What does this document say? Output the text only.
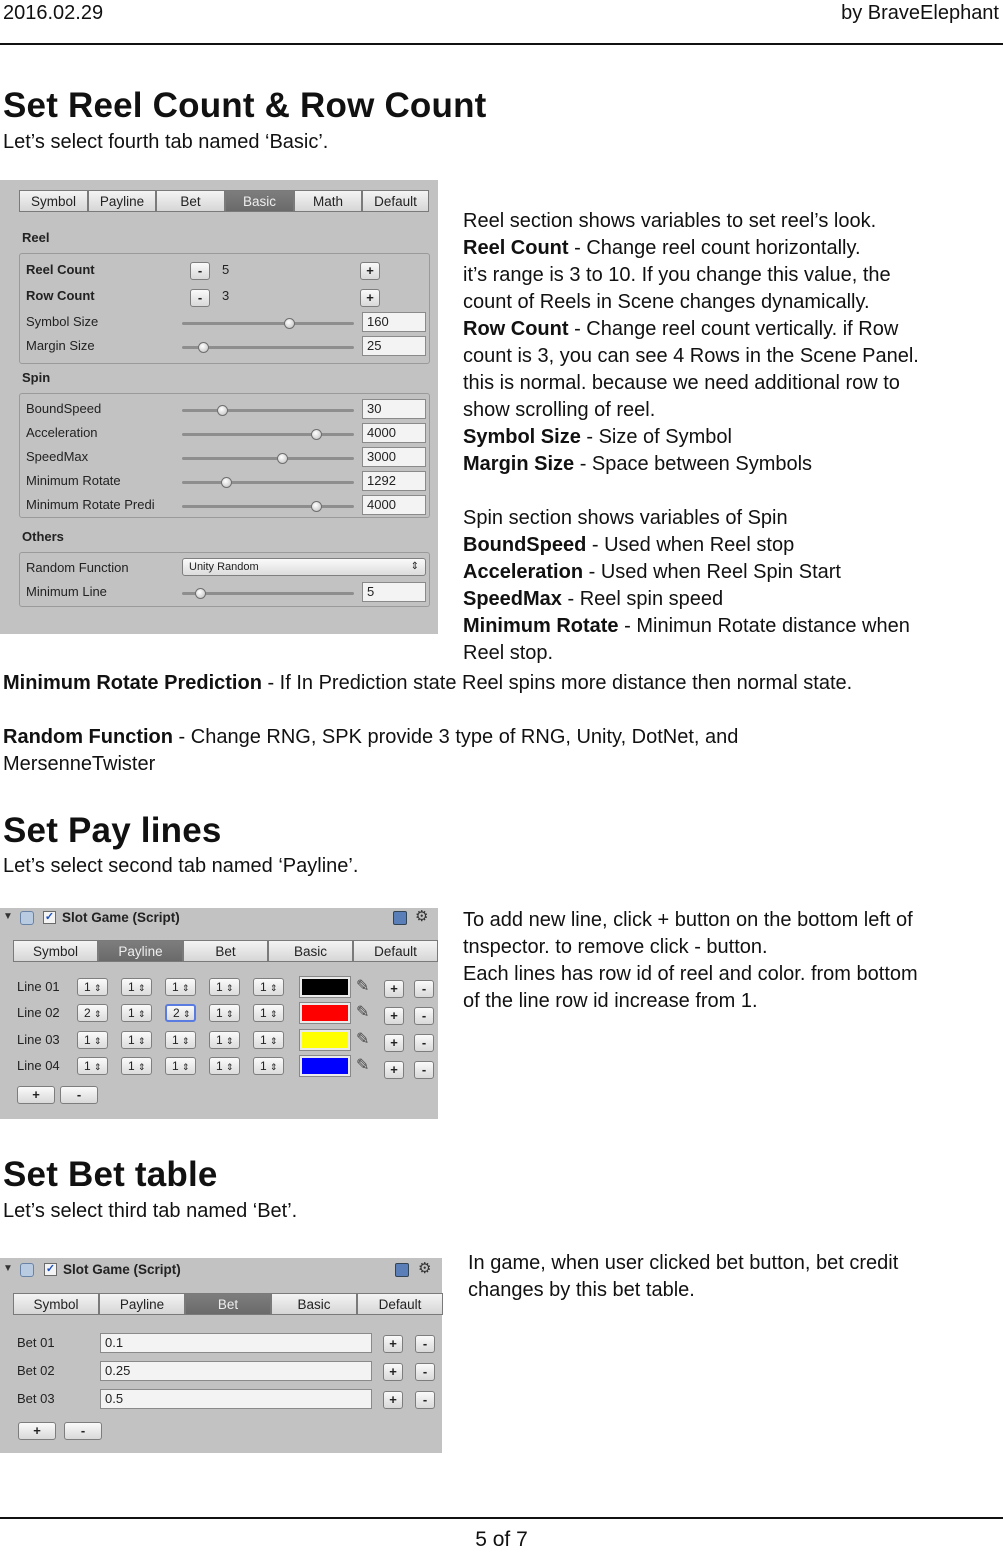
2016.02.29	by BraveElephant
Set Reel Count & Row Count
Let’s select fourth tab named ‘Basic’.
Symbol	Payline	Bet	Basic	Math	Default
Reel
Reel Count	-	5	+
Row Count	-	3	+
Symbol Size	160
Margin Size	25
Spin
BoundSpeed	30
Acceleration	4000
SpeedMax	3000
Minimum Rotate	1292
Minimum Rotate Predi	4000
Others
Random Function	Unity Random	⇕
Minimum Line	5

Reel section shows variables to set reel’s look.

Reel Count - Change reel count horizontally.

it’s range is 3 to 10. If you change this value, the

count of Reels in Scene changes dynamically.

Row Count - Change reel count vertically. if Row

count is 3, you can see 4 Rows in the Scene Panel.

this is normal. because we need additional row to

show scrolling of reel.

Symbol Size - Size of Symbol

Margin Size - Space between Symbols

Spin section shows variables of Spin

BoundSpeed - Used when Reel stop

Acceleration - Used when Reel Spin Start

SpeedMax - Reel spin speed

Minimum Rotate - Minimun Rotate distance when

Reel stop.

Minimum Rotate Prediction - If In Prediction state Reel spins more distance then normal state.

Random Function - Change RNG, SPK provide 3 type of RNG, Unity, DotNet, and

MersenneTwister

Set Pay lines
Let’s select second tab named ‘Payline’.
▼	✓ Slot Game (Script)	⚙
Symbol	Payline	Bet	Basic	Default
Line 01	1 ⇕	1 ⇕	1 ⇕	1 ⇕	1 ⇕	✎	+	-
Line 02	2 ⇕	1 ⇕	2 ⇕	1 ⇕	1 ⇕	✎	+	-
Line 03	1 ⇕	1 ⇕	1 ⇕	1 ⇕	1 ⇕	✎	+	-
Line 04	1 ⇕	1 ⇕	1 ⇕	1 ⇕	1 ⇕	✎	+	-
+	-

To add new line, click + button on the bottom left of

tnspector. to remove click - button.

Each lines has row id of reel and color. from bottom

of the line row id increase from 1.

Set Bet table
Let’s select third tab named ‘Bet’.
▼	✓ Slot Game (Script)	⚙
Symbol	Payline	Bet	Basic	Default
Bet 01	0.1	+	-
Bet 02	0.25	+	-
Bet 03	0.5	+	-
+	-

In game, when user clicked bet button, bet credit

changes by this bet table.

5 of 7
